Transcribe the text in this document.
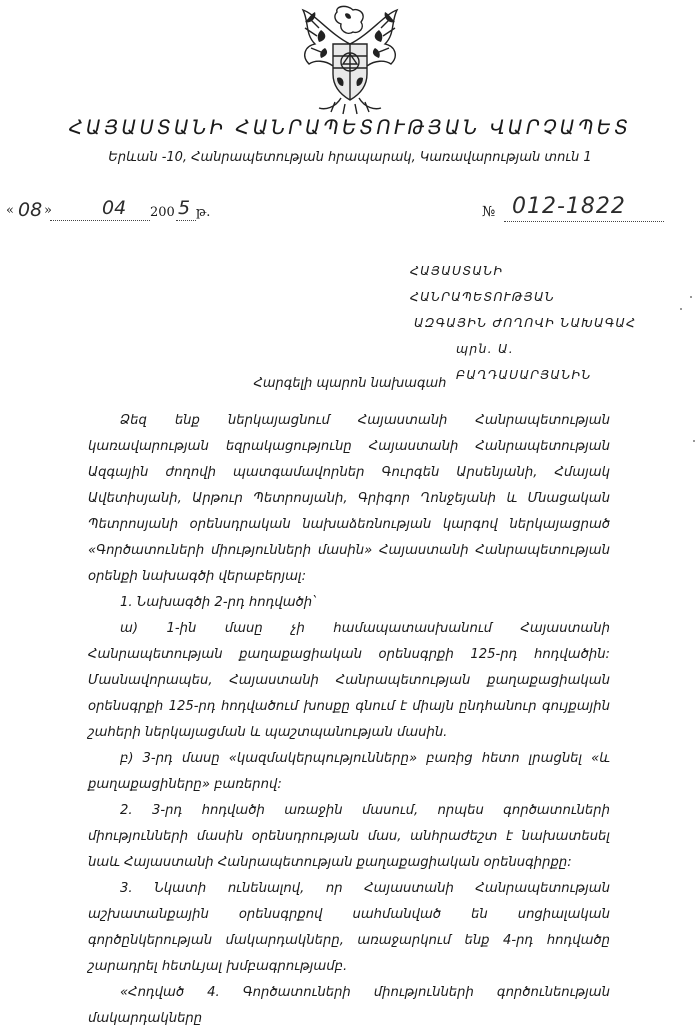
ՀԱՅԱՍՏԱՆԻ ՀԱՆՐԱՊԵՏՈՒԹՅԱՆ ՎԱՐՉԱՊԵՏ
Երևան -10, Հանրապետության հրապարակ, Կառավարության տուն 1
« 08 »	04 200 5 թ.	№ 012-1822
ՀԱՅԱՍՏԱՆԻ ՀԱՆՐԱՊԵՏՈՒԹՅԱՆ
ԱԶԳԱՅԻՆ ԺՈՂՈՎԻ ՆԱԽԱԳԱՀ
պրն. Ա. ԲԱՂԴԱՍԱՐՅԱՆԻՆ
Հարգելի պարոն նախագահ

Ձեզ ենք ներկայացնում Հայաստանի Հանրապետության կառավարության եզրակացությունը Հայաստանի Հանրապետության Ազգային ժողովի պատգամավորներ Գուրգեն Արսենյանի, Հմայակ Ավետիսյանի, Արթուր Պետրոսյանի, Գրիգոր Ղոնջեյանի և Մնացական Պետրոսյանի օրենսդրական նախաձեռնության կարգով ներկայացրած «Գործատուների միությունների մասին» Հայաստանի Հանրապետության օրենքի նախագծի վերաբերյալ:

1. Նախագծի 2-րդ հոդվածի՝

ա) 1-ին մասը չի համապատասխանում Հայաստանի Հանրապետության քաղաքացիական օրենսգրքի 125-րդ հոդվածին: Մասնավորապես, Հայաստանի Հանրապետության քաղաքացիական օրենսգրքի 125-րդ հոդվածում խոսքը գնում է միայն ընդհանուր գույքային շահերի ներկայացման և պաշտպանության մասին.

բ) 3-րդ մասը «կազմակերպությունները» բառից հետո լրացնել «և քաղաքացիները» բառերով:

2. 3-րդ հոդվածի առաջին մասում, որպես գործատուների միությունների մասին օրենսդրության մաս, անհրաժեշտ է նախատեսել նաև Հայաստանի Հանրապետության քաղաքացիական օրենսգիրքը:

3. Նկատի ունենալով, որ Հայաստանի Հանրապետության աշխատանքային օրենսգրքով սահմանված են սոցիալական գործընկերության մակարդակները, առաջարկում ենք 4-րդ հոդվածը շարադրել հետևյալ խմբագրությամբ.

«Հոդված 4. Գործատուների միությունների գործունեության մակարդակները
